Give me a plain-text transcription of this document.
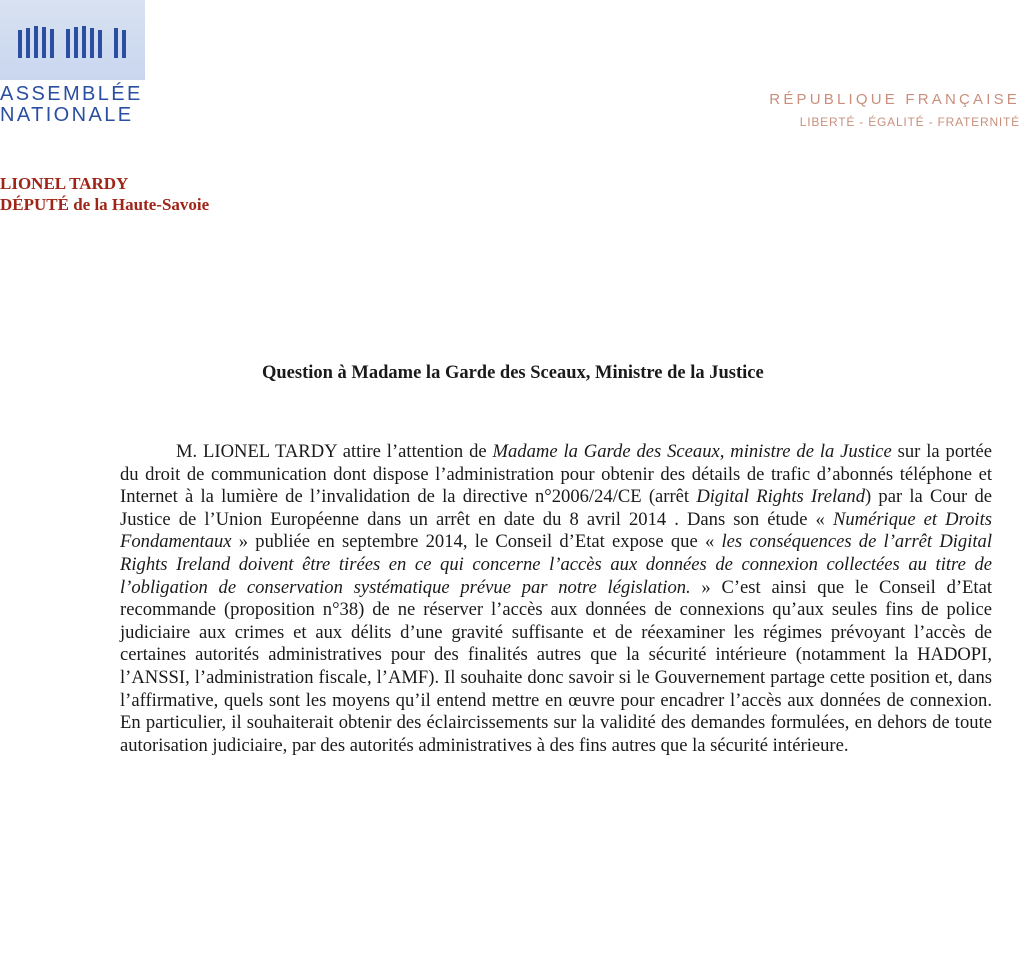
ASSEMBLÉE
NATIONALE

RÉPUBLIQUE FRANÇAISE
LIBERTÉ - ÉGALITÉ - FRATERNITÉ
LIONEL TARDY
DÉPUTÉ de la Haute-Savoie
Question à Madame la Garde des Sceaux, Ministre de la Justice

M. LIONEL TARDY attire l’attention de Madame la Garde des Sceaux, ministre de la Justice sur la portée du droit de communication dont dispose l’administration pour obtenir des détails de trafic d’abonnés téléphone et Internet à la lumière de l’invalidation de la directive n°2006/24/CE (arrêt Digital Rights Ireland) par la Cour de Justice de l’Union Européenne dans un arrêt en date du 8 avril 2014 . Dans son étude « Numérique et Droits Fondamentaux » publiée en septembre 2014, le Conseil d’Etat expose que « les conséquences de l’arrêt Digital Rights Ireland doivent être tirées en ce qui concerne l’accès aux données de connexion collectées au titre de l’obligation de conservation systématique prévue par notre législation. » C’est ainsi que le Conseil d’Etat recommande (proposition n°38) de ne réserver l’accès aux données de connexions qu’aux seules fins de police judiciaire aux crimes et aux délits d’une gravité suffisante et de réexaminer les régimes prévoyant l’accès de certaines autorités administratives pour des finalités autres que la sécurité intérieure (notamment la HADOPI, l’ANSSI, l’administration fiscale, l’AMF). Il souhaite donc savoir si le Gouvernement partage cette position et, dans l’affirmative, quels sont les moyens qu’il entend mettre en œuvre pour encadrer l’accès aux données de connexion. En particulier, il souhaiterait obtenir des éclaircissements sur la validité des demandes formulées, en dehors de toute autorisation judiciaire, par des autorités administratives à des fins autres que la sécurité intérieure.
